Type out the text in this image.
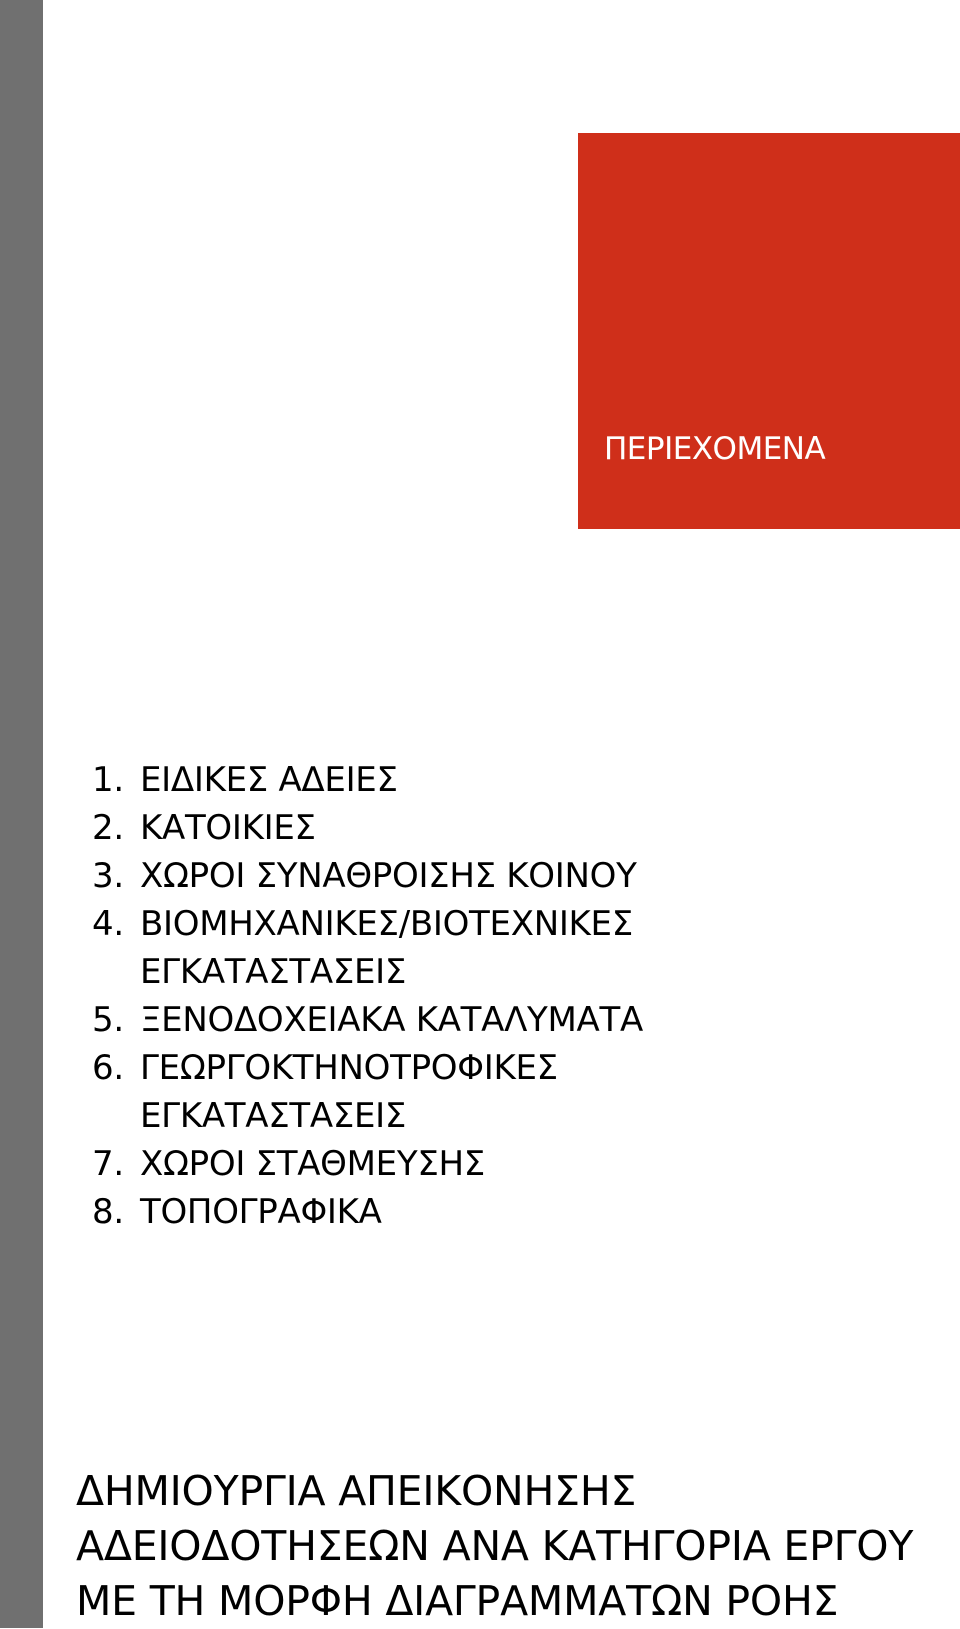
ΠΕΡΙΕΧΟΜΕΝΑ
1. ΕΙΔΙΚΕΣ ΑΔΕΙΕΣ
2. ΚΑΤΟΙΚΙΕΣ
3. ΧΩΡΟΙ ΣΥΝΑΘΡΟΙΣΗΣ ΚΟΙΝΟΥ
4. ΒΙΟΜΗΧΑΝΙΚΕΣ/ΒΙΟΤΕΧΝΙΚΕΣ
ΕΓΚΑΤΑΣΤΑΣΕΙΣ
5. ΞΕΝΟΔΟΧΕΙΑΚΑ ΚΑΤΑΛΥΜΑΤΑ
6. ΓΕΩΡΓΟΚΤΗΝΟΤΡΟΦΙΚΕΣ
ΕΓΚΑΤΑΣΤΑΣΕΙΣ
7. ΧΩΡΟΙ ΣΤΑΘΜΕΥΣΗΣ
8. ΤΟΠΟΓΡΑΦΙΚΑ
ΔΗΜΙΟΥΡΓΙΑ ΑΠΕΙΚΟΝΗΣΗΣ
ΑΔΕΙΟΔΟΤΗΣΕΩΝ ΑΝΑ ΚΑΤΗΓΟΡΙΑ ΕΡΓΟΥ
ΜΕ ΤΗ ΜΟΡΦΗ ΔΙΑΓΡΑΜΜΑΤΩΝ ΡΟΗΣ
